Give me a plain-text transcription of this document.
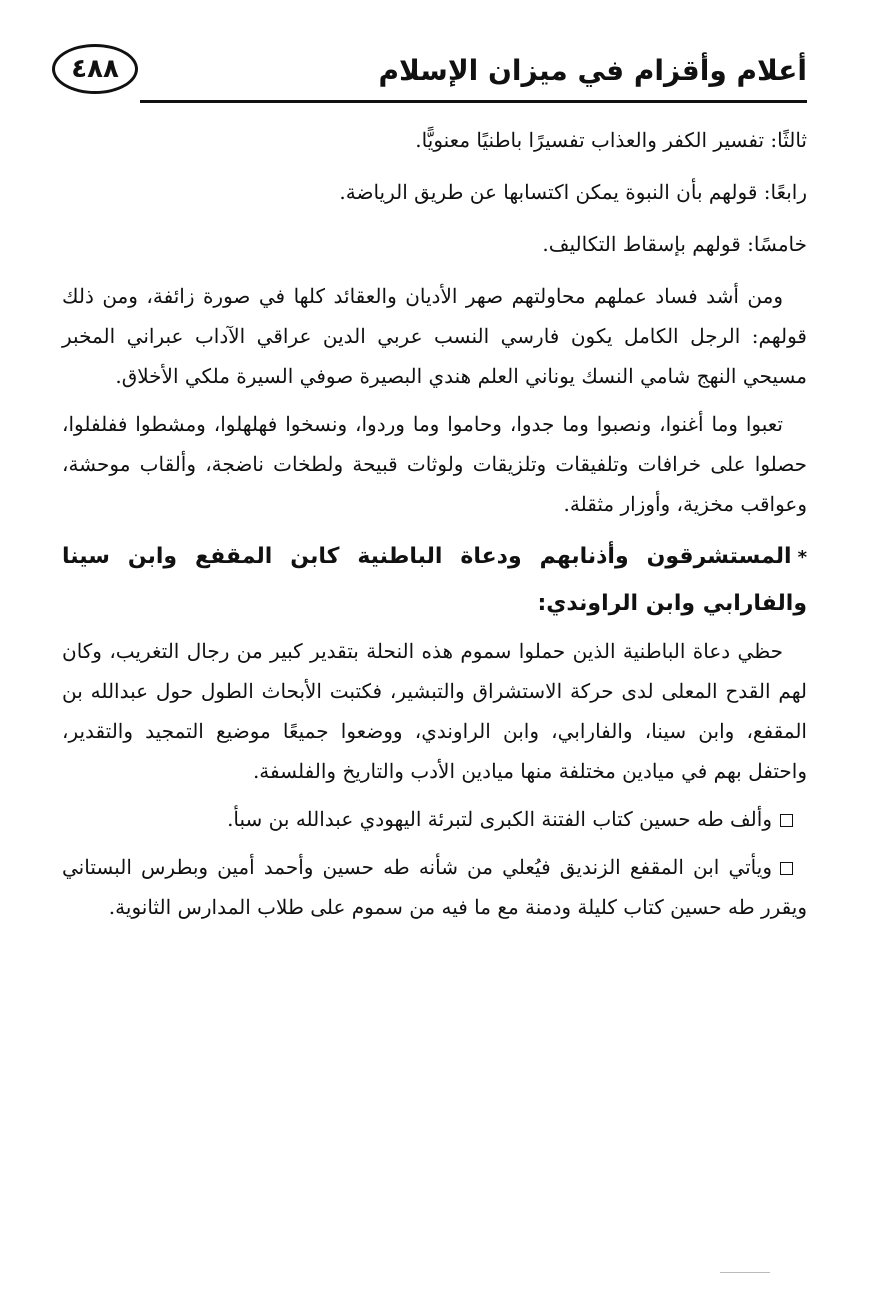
أعلام وأقزام في ميزان الإسلام
٤٨٨

ثالثًا: تفسير الكفر والعذاب تفسيرًا باطنيًا معنويًّا.

رابعًا: قولهم بأن النبوة يمكن اكتسابها عن طريق الرياضة.

خامسًا: قولهم بإسقاط التكاليف.

ومن أشد فساد عملهم محاولتهم صهر الأديان والعقائد كلها في صورة زائفة، ومن ذلك قولهم: الرجل الكامل يكون فارسي النسب عربي الدين عراقي الآداب عبراني المخبر مسيحي النهج شامي النسك يوناني العلم هندي البصيرة صوفي السيرة ملكي الأخلاق.

تعبوا وما أغنوا، ونصبوا وما جدوا، وحاموا وما وردوا، ونسخوا فهلهلوا، ومشطوا ففلفلوا، حصلوا على خرافات وتلفيقات وتلزيقات ولوثات قبيحة ولطخات ناضجة، وألقاب موحشة، وعواقب مخزية، وأوزار مثقلة.

*المستشرقون وأذنابهم ودعاة الباطنية كابن المقفع وابن سينا والفارابي وابن الراوندي:

حظي دعاة الباطنية الذين حملوا سموم هذه النحلة بتقدير كبير من رجال التغريب، وكان لهم القدح المعلى لدى حركة الاستشراق والتبشير، فكتبت الأبحاث الطول حول عبدالله بن المقفع، وابن سينا، والفارابي، وابن الراوندي، ووضعوا جميعًا موضيع التمجيد والتقدير، واحتفل بهم في ميادين مختلفة منها ميادين الأدب والتاريخ والفلسفة.

وألف طه حسين كتاب الفتنة الكبرى لتبرئة اليهودي عبدالله بن سبأ.

ويأتي ابن المقفع الزنديق فيُعلي من شأنه طه حسين وأحمد أمين وبطرس البستاني ويقرر طه حسين كتاب كليلة ودمنة مع ما فيه من سموم على طلاب المدارس الثانوية.
